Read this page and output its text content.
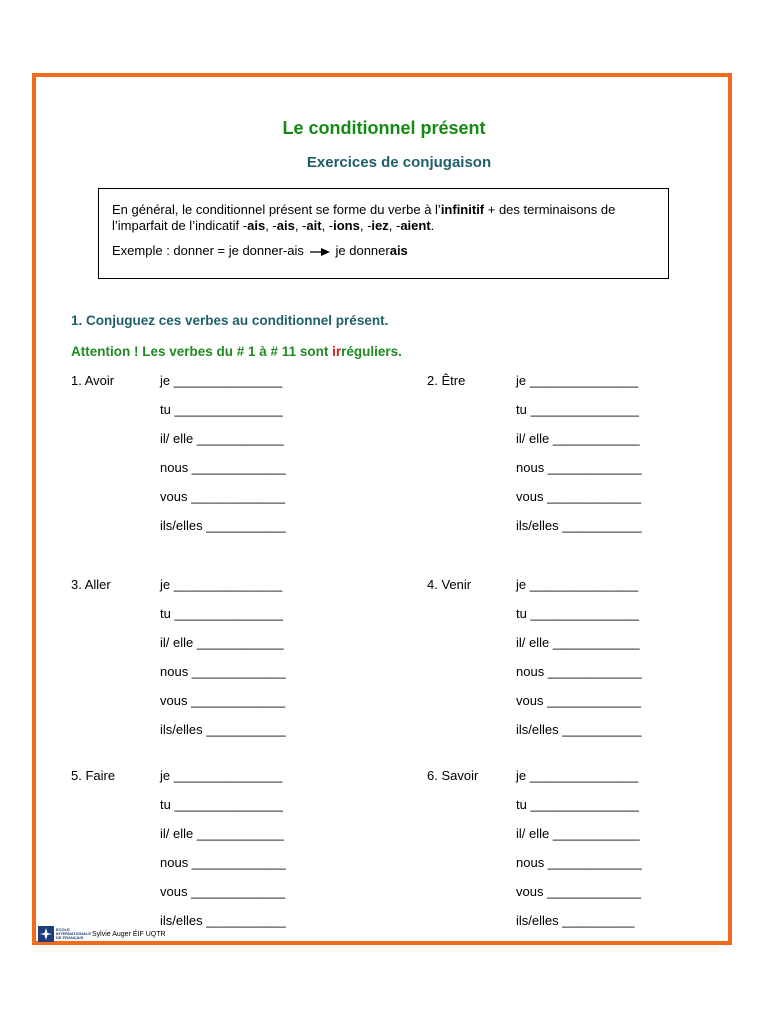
Le conditionnel présent
Exercices de conjugaison

En général, le conditionnel présent se forme du verbe à l’infinitif + des terminaisons de
l’imparfait de l’indicatif -ais, -ais, -ait, -ions, -iez, -aient.

Exemple : donner = je donner-ais je donnerais

1. Conjuguez ces verbes au conditionnel présent.
Attention ! Les verbes du # 1 à # 11 sont irréguliers.
1. Avoir	je _______________
tu _______________
il/ elle ____________
nous _____________
vous _____________
ils/elles ___________
2. Être	je _______________
tu _______________
il/ elle ____________
nous _____________
vous _____________
ils/elles ___________
3. Aller	je _______________
tu _______________
il/ elle ____________
nous _____________
vous _____________
ils/elles ___________
4. Venir	je _______________
tu _______________
il/ elle ____________
nous _____________
vous _____________
ils/elles ___________
5. Faire	je _______________
tu _______________
il/ elle ____________
nous _____________
vous _____________
ils/elles ___________
6. Savoir	je _______________
tu _______________
il/ elle ____________
nous _____________
vous _____________
ils/elles __________
ÉCOLE INTERNATIONALE DE FRANÇAIS Sylvie Auger ÉIF UQTR
